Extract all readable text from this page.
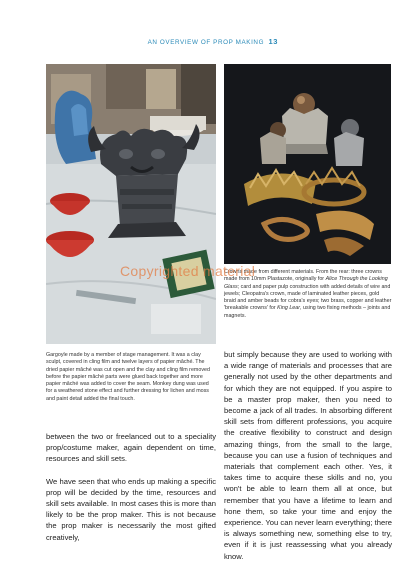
AN OVERVIEW OF PROP MAKING 13
Crowns made from different materials. From the rear: three crowns made from 10mm Plastazote, originally for Alice Through the Looking Glass; card and paper pulp construction with added details of wire and jewels; Cleopatra's crown, made of laminated leather pieces, gold braid and amber beads for cobra's eyes; two brass, copper and leather 'breakable crowns' for King Lear, using two fixing methods – joints and magnets.
Gargoyle made by a member of stage management. It was a clay sculpt, covered in cling film and twelve layers of papier mâché. The dried papier mâché was cut open and the clay and cling film removed before the papier mâché parts were glued back together and more papier mâché was added to cover the seam. Monkey dung was used for a weathered stone effect and further dressing for lichen and moss and paint detail added the final touch.

but simply because they are used to working with a wide range of materials and processes that are generally not used by the other departments and for which they are not equipped. If you aspire to be a master prop maker, then you need to become a jack of all trades. In absorbing different skill sets from different professions, you acquire the creative flexibility to construct and design amazing things, from the small to the large, because you can use a fusion of techniques and materials that complement each other. Yes, it takes time to acquire these skills and no, you won't be able to learn them all at once, but remember that you have a lifetime to learn and hone them, so take your time and enjoy the experience. You can never learn everything; there is always something new, something else to try, even if it is just reassessing what you already know.

between the two or freelanced out to a speciality prop/costume maker, again dependent on time, resources and skill sets.

We have seen that who ends up making a specific prop will be decided by the time, resources and skill sets available. In most cases this is more than likely to be the prop maker. This is not because the prop maker is necessarily the most gifted creatively,

Copyrighted material
